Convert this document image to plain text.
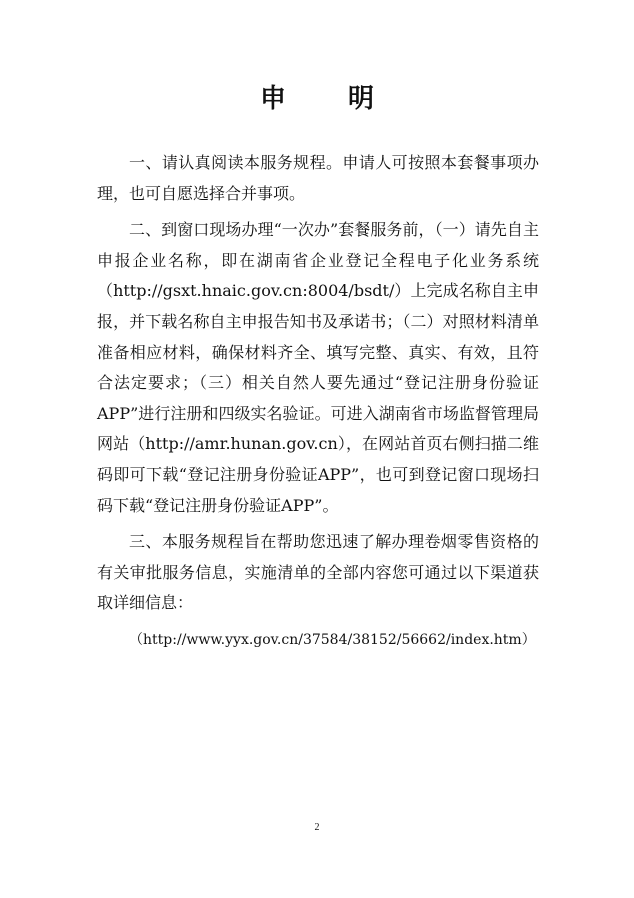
申　明

一、请认真阅读本服务规程。申请人可按照本套餐事项办理，也可自愿选择合并事项。

二、到窗口现场办理“一次办”套餐服务前，（一）请先自主申报企业名称，即在湖南省企业登记全程电子化业务系统（http://gsxt.hnaic.gov.cn:8004/bsdt/）上完成名称自主申报，并下载名称自主申报告知书及承诺书；（二）对照材料清单准备相应材料，确保材料齐全、填写完整、真实、有效，且符合法定要求；（三）相关自然人要先通过“登记注册身份验证APP”进行注册和四级实名验证。可进入湖南省市场监督管理局网站（http://amr.hunan.gov.cn），在网站首页右侧扫描二维码即可下载“登记注册身份验证APP”，也可到登记窗口现场扫码下载“登记注册身份验证APP”。

三、本服务规程旨在帮助您迅速了解办理卷烟零售资格的有关审批服务信息，实施清单的全部内容您可通过以下渠道获取详细信息：

（http://www.yyx.gov.cn/37584/38152/56662/index.htm）

2
